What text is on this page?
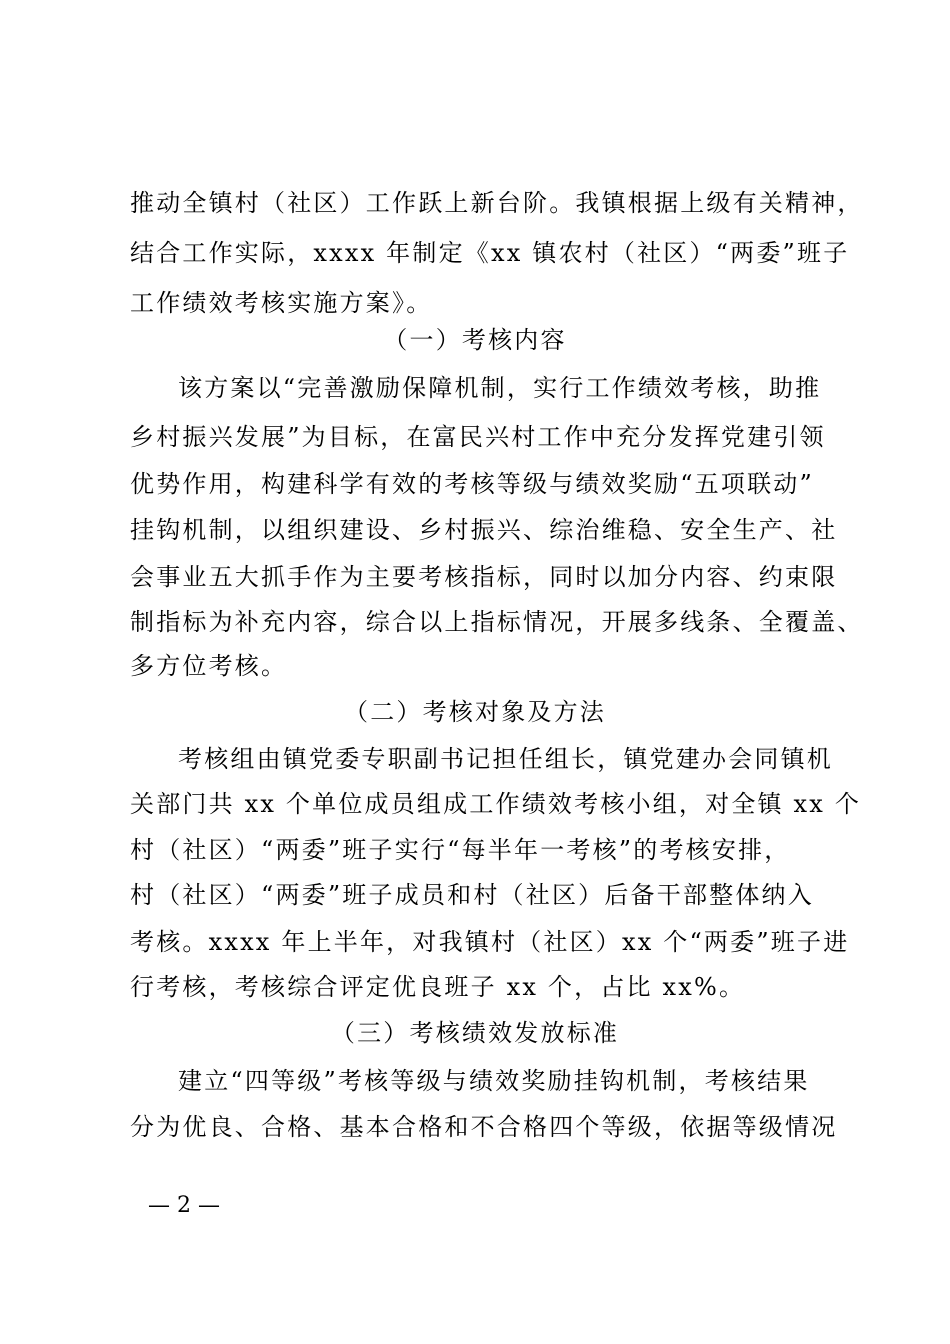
推动全镇村（社区）工作跃上新台阶。我镇根据上级有关精神，
结合工作实际，xxxx 年制定《xx 镇农村（社区）“两委”班子
工作绩效考核实施方案》。
（一）考核内容
该方案以“完善激励保障机制，实行工作绩效考核，助推
乡村振兴发展”为目标，在富民兴村工作中充分发挥党建引领
优势作用，构建科学有效的考核等级与绩效奖励“五项联动”
挂钩机制，以组织建设、乡村振兴、综治维稳、安全生产、社
会事业五大抓手作为主要考核指标，同时以加分内容、约束限
制指标为补充内容，综合以上指标情况，开展多线条、全覆盖、
多方位考核。
（二）考核对象及方法
考核组由镇党委专职副书记担任组长，镇党建办会同镇机
关部门共 xx 个单位成员组成工作绩效考核小组，对全镇 xx 个
村（社区）“两委”班子实行“每半年一考核”的考核安排，
村（社区）“两委”班子成员和村（社区）后备干部整体纳入
考核。xxxx 年上半年，对我镇村（社区）xx 个“两委”班子进
行考核，考核综合评定优良班子 xx 个，占比 xx%。
（三）考核绩效发放标准
建立“四等级”考核等级与绩效奖励挂钩机制，考核结果
分为优良、合格、基本合格和不合格四个等级，依据等级情况
— 2 —
